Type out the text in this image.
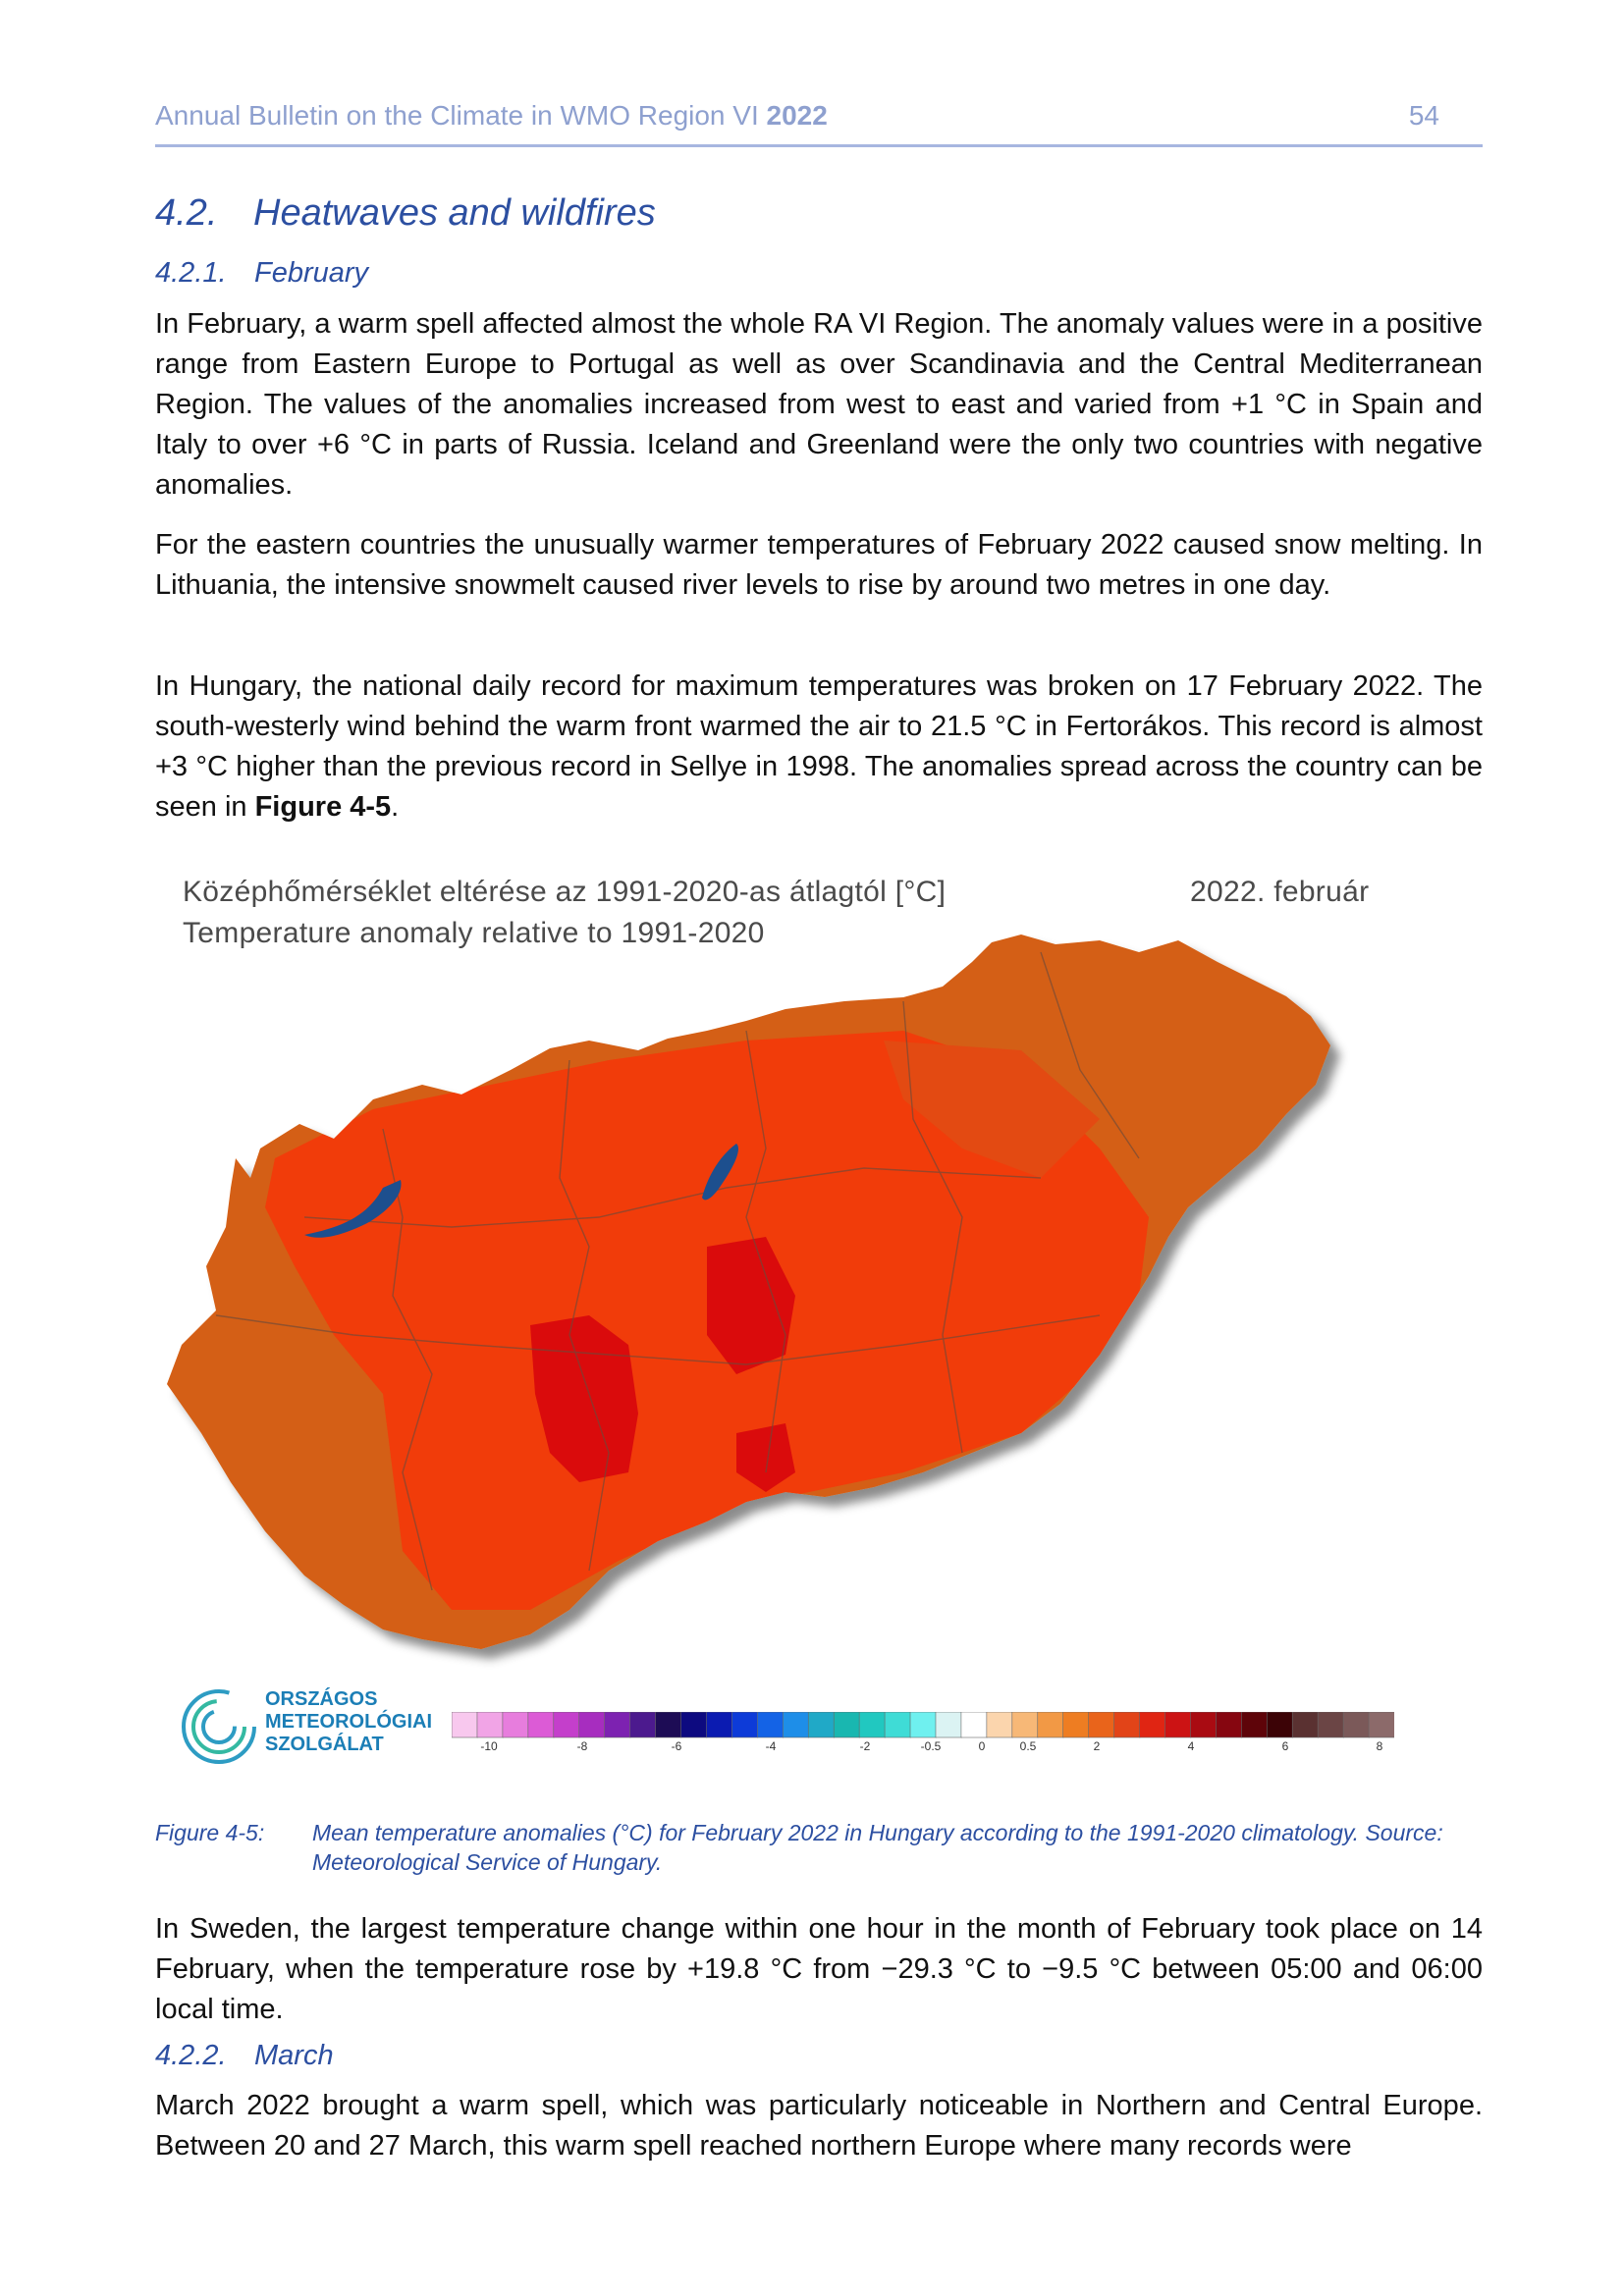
Annual Bulletin on the Climate in WMO Region VI 2022	54
4.2. Heatwaves and wildfires
4.2.1. February

In February, a warm spell affected almost the whole RA VI Region. The anomaly values were in a positive range from Eastern Europe to Portugal as well as over Scandinavia and the Central Mediterranean Region. The values of the anomalies increased from west to east and varied from +1 °C in Spain and Italy to over +6 °C in parts of Russia. Iceland and Greenland were the only two countries with negative anomalies.

For the eastern countries the unusually warmer temperatures of February 2022 caused snow melting. In Lithuania, the intensive snowmelt caused river levels to rise by around two metres in one day.

In Hungary, the national daily record for maximum temperatures was broken on 17 February 2022. The south-westerly wind behind the warm front warmed the air to 21.5 °C in Fertorákos. This record is almost +3 °C higher than the previous record in Sellye in 1998. The anomalies spread across the country can be seen in Figure 4-5.

Középhőmérséklet eltérése az 1991-2020-as átlagtól [°C]
Temperature anomaly relative to 1991-2020
2022. február
ORSZÁGOS
METEOROLÓGIAI
SZOLGÁLAT	-10	-8	-6	-4	-2	-0.5	0	0.5	2	4	6	8
Figure 4-5: Mean temperature anomalies (°C) for February 2022 in Hungary according to the 1991-2020 climatology. Source: Meteorological Service of Hungary.

In Sweden, the largest temperature change within one hour in the month of February took place on 14 February, when the temperature rose by +19.8 °C from −29.3 °C to −9.5 °C between 05:00 and 06:00 local time.

4.2.2. March

March 2022 brought a warm spell, which was particularly noticeable in Northern and Central Europe. Between 20 and 27 March, this warm spell reached northern Europe where many records were
